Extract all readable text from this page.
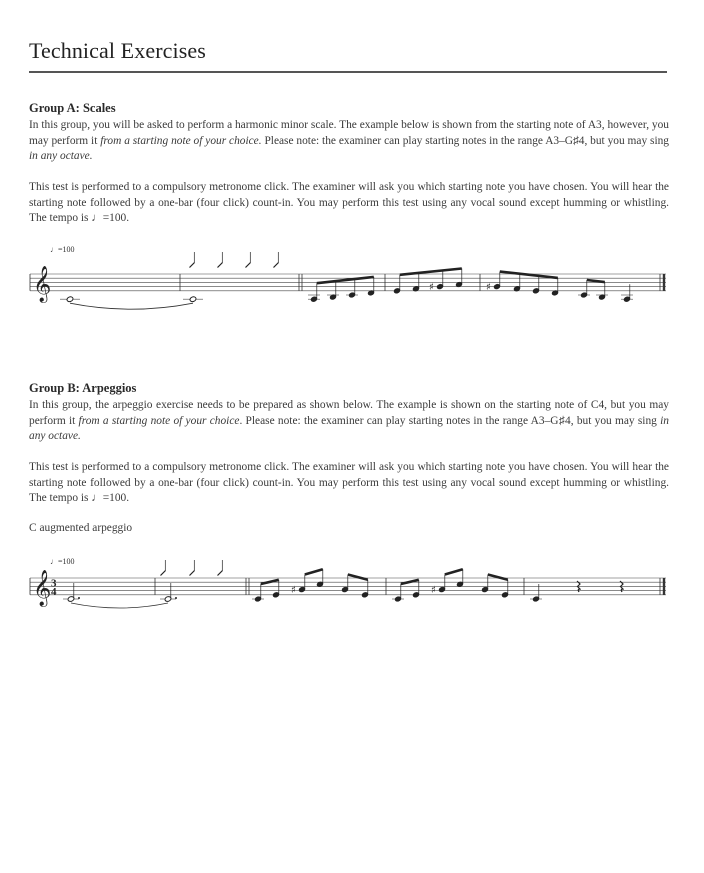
Technical Exercises
Group A: Scales

In this group, you will be asked to perform a harmonic minor scale. The example below is shown from the starting note of A3, however, you may perform it from a starting note of your choice. Please note: the examiner can play starting notes in the range A3–G♯4, but you may sing in any octave.

This test is performed to a compulsory metronome click. The examiner will ask you which starting note you have chosen. You will hear the starting note followed by a one-bar (four click) count-in. You may perform this test using any vocal sound except humming or whistling. The tempo is ♩=100.

♩=100
𝄞	♯	♯
Group B: Arpeggios

In this group, the arpeggio exercise needs to be prepared as shown below. The example is shown on the starting note of C4, but you may perform it from a starting note of your choice. Please note: the examiner can play starting notes in the range A3–G♯4, but you may sing in any octave.

This test is performed to a compulsory metronome click. The examiner will ask you which starting note you have chosen. You will hear the starting note followed by a one-bar (four click) count-in. You may perform this test using any vocal sound except humming or whistling. The tempo is ♩=100.

C augmented arpeggio

♩=100
𝄞 3
4	♯	♯
